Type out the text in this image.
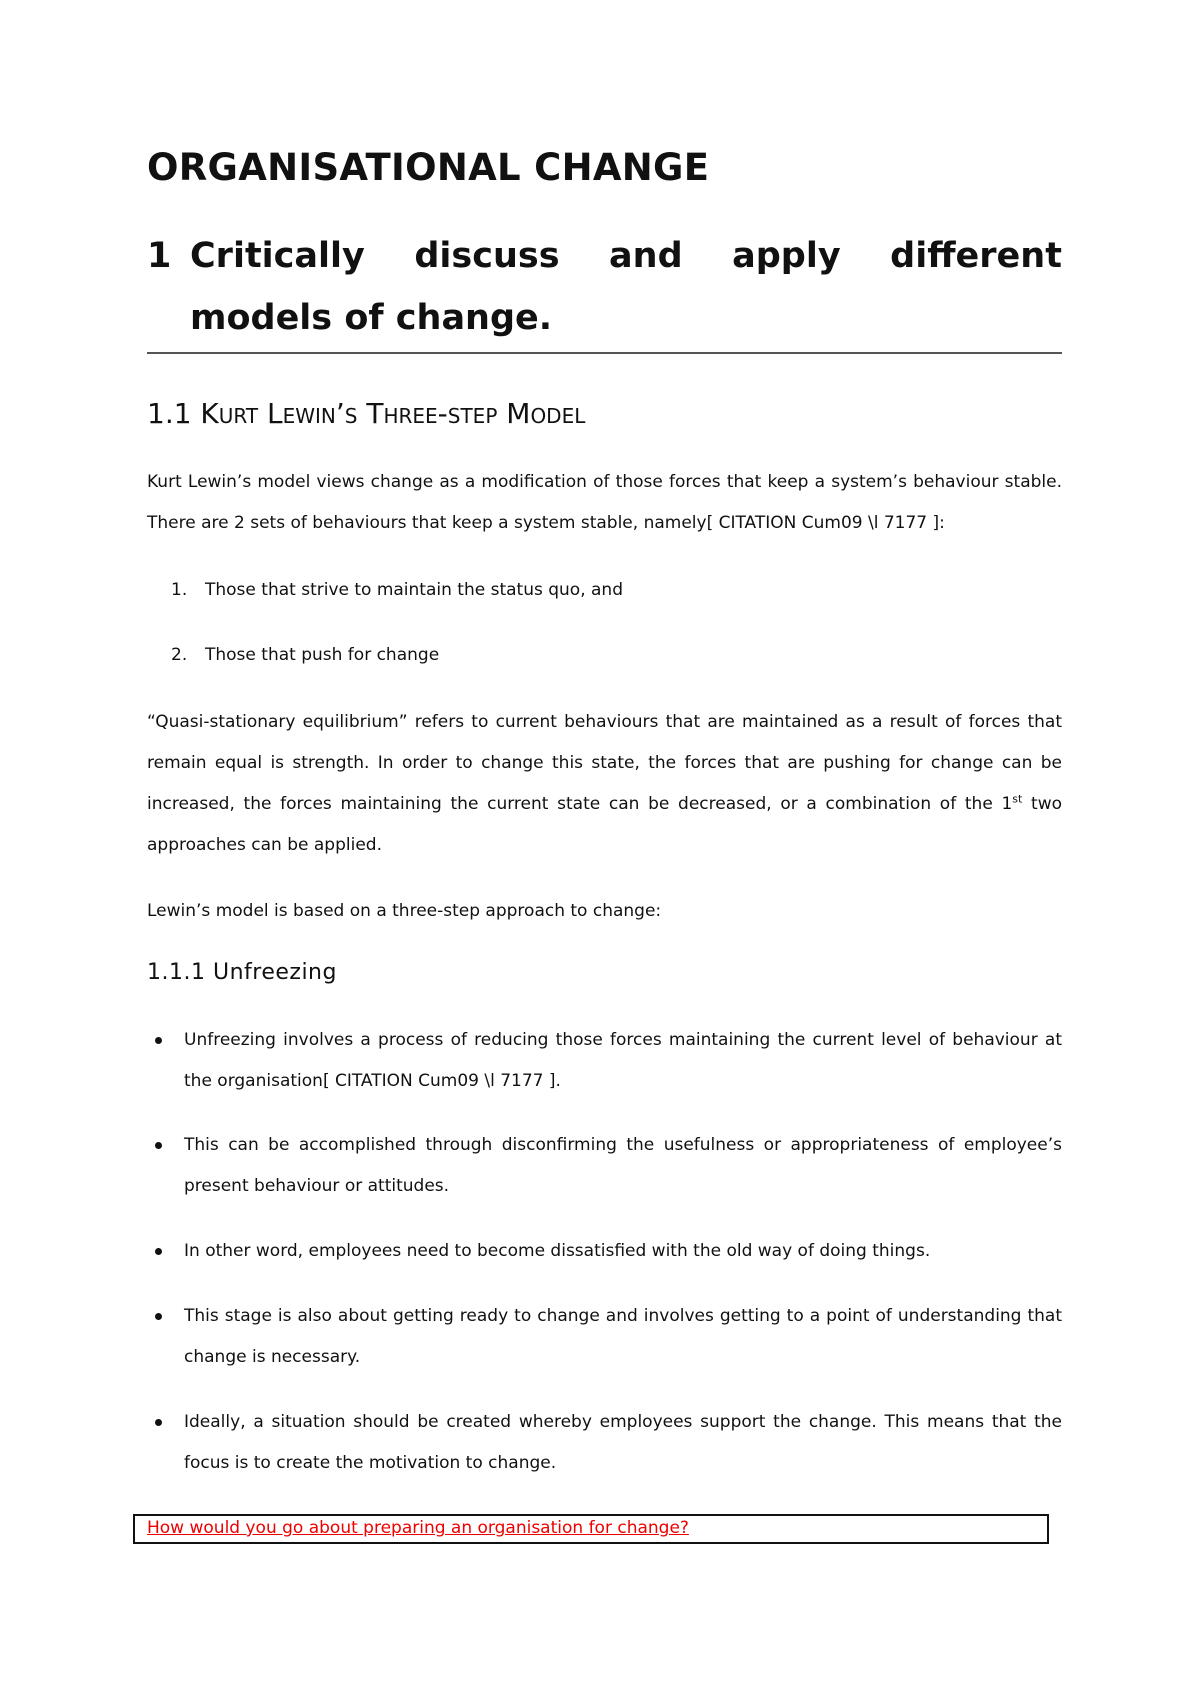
ORGANISATIONAL CHANGE
1 Critically discuss and apply different
models of change.
1.1 Kurt Lewin’s Three-step Model

Kurt Lewin’s model views change as a modification of those forces that keep a system’s behaviour stable. There are 2 sets of behaviours that keep a system stable, namely[ CITATION Cum09 \l 7177 ]:

1. Those that strive to maintain the status quo, and
2. Those that push for change

“Quasi-stationary equilibrium” refers to current behaviours that are maintained as a result of forces that remain equal is strength. In order to change this state, the forces that are pushing for change can be increased, the forces maintaining the current state can be decreased, or a combination of the 1st two approaches can be applied.

Lewin’s model is based on a three-step approach to change:

1.1.1 Unfreezing
Unfreezing involves a process of reducing those forces maintaining the current level of behaviour at the organisation[ CITATION Cum09 \l 7177 ].
This can be accomplished through disconfirming the usefulness or appropriateness of employee’s present behaviour or attitudes.
In other word, employees need to become dissatisfied with the old way of doing things.
This stage is also about getting ready to change and involves getting to a point of understanding that change is necessary.
Ideally, a situation should be created whereby employees support the change. This means that the focus is to create the motivation to change.
How would you go about preparing an organisation for change?
